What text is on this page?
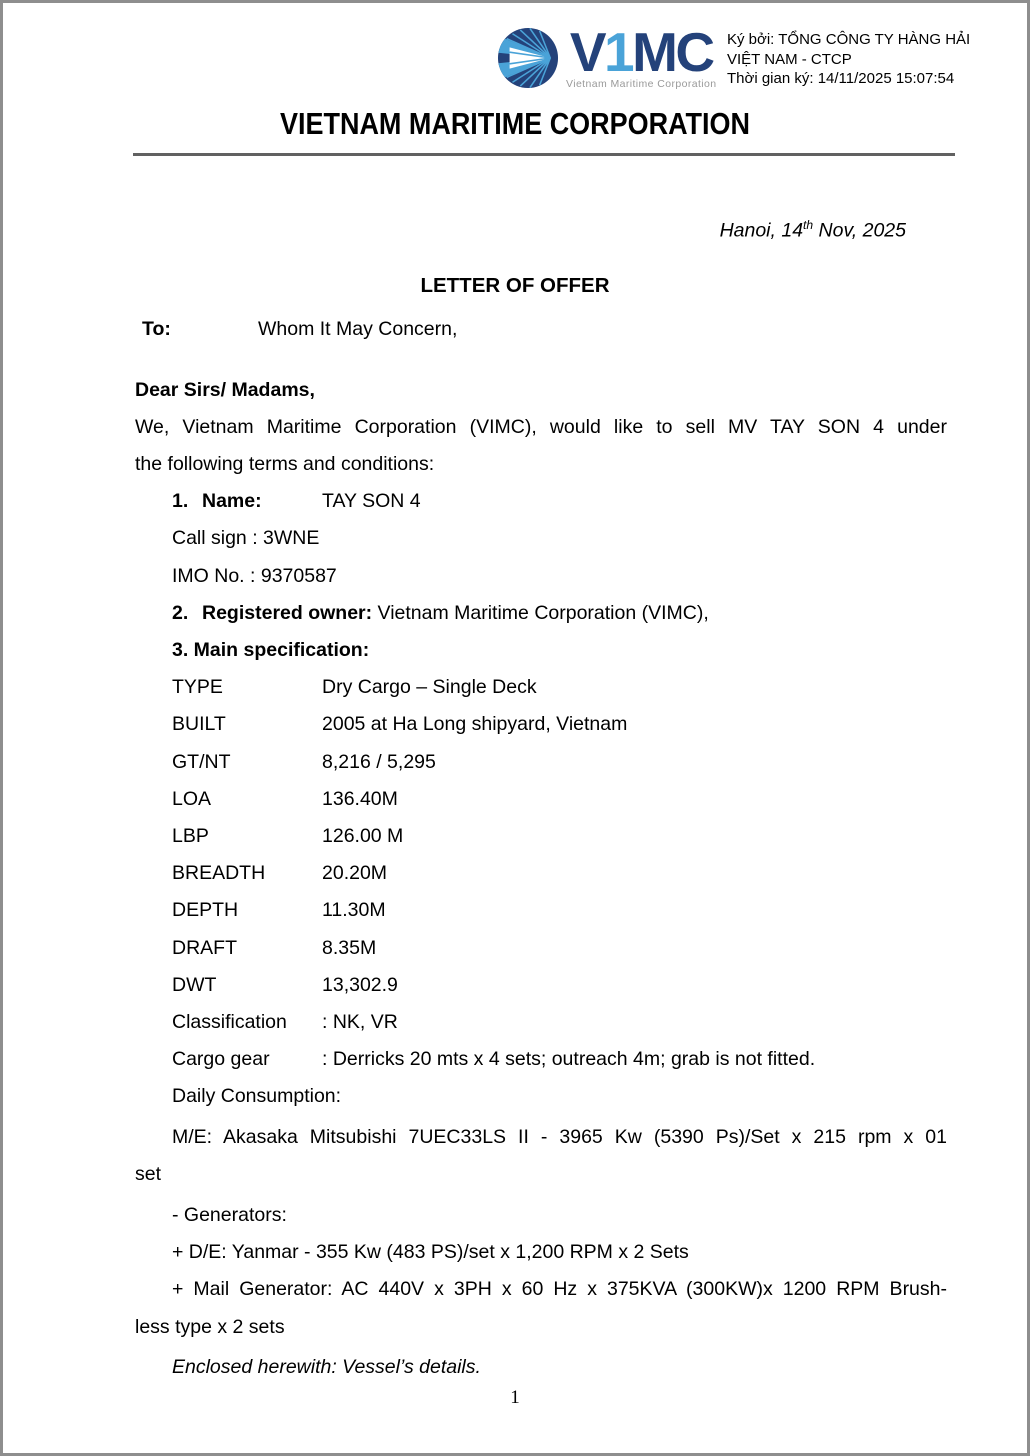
V1MC
Vietnam Maritime Corporation
Ký bởi: TỔNG CÔNG TY HÀNG HẢI
VIỆT NAM - CTCP
Thời gian ký: 14/11/2025 15:07:54
VIETNAM MARITIME CORPORATION
Hanoi, 14th Nov, 2025
LETTER OF OFFER
To:	Whom It May Concern,
Dear Sirs/ Madams,
We, Vietnam Maritime Corporation (VIMC), would like to sell MV TAY SON 4 under
the following terms and conditions:
1. Name:	TAY SON 4
Call sign : 3WNE
IMO No. : 9370587
2. Registered owner: Vietnam Maritime Corporation (VIMC),
3. Main specification:
TYPE	Dry Cargo – Single Deck
BUILT	2005 at Ha Long shipyard, Vietnam
GT/NT	8,216 / 5,295
LOA	136.40M
LBP	126.00 M
BREADTH	20.20M
DEPTH	11.30M
DRAFT	8.35M
DWT	13,302.9
Classification : NK, VR
Cargo gear	: Derricks 20 mts x 4 sets; outreach 4m; grab is not fitted.
Daily Consumption:
M/E: Akasaka Mitsubishi 7UEC33LS II - 3965 Kw (5390 Ps)/Set x 215 rpm x 01
set
- Generators:
+ D/E: Yanmar - 355 Kw (483 PS)/set x 1,200 RPM x 2 Sets
+ Mail Generator: AC 440V x 3PH x 60 Hz x 375KVA (300KW)x 1200 RPM Brush-
less type x 2 sets
Enclosed herewith: Vessel’s details.
1
